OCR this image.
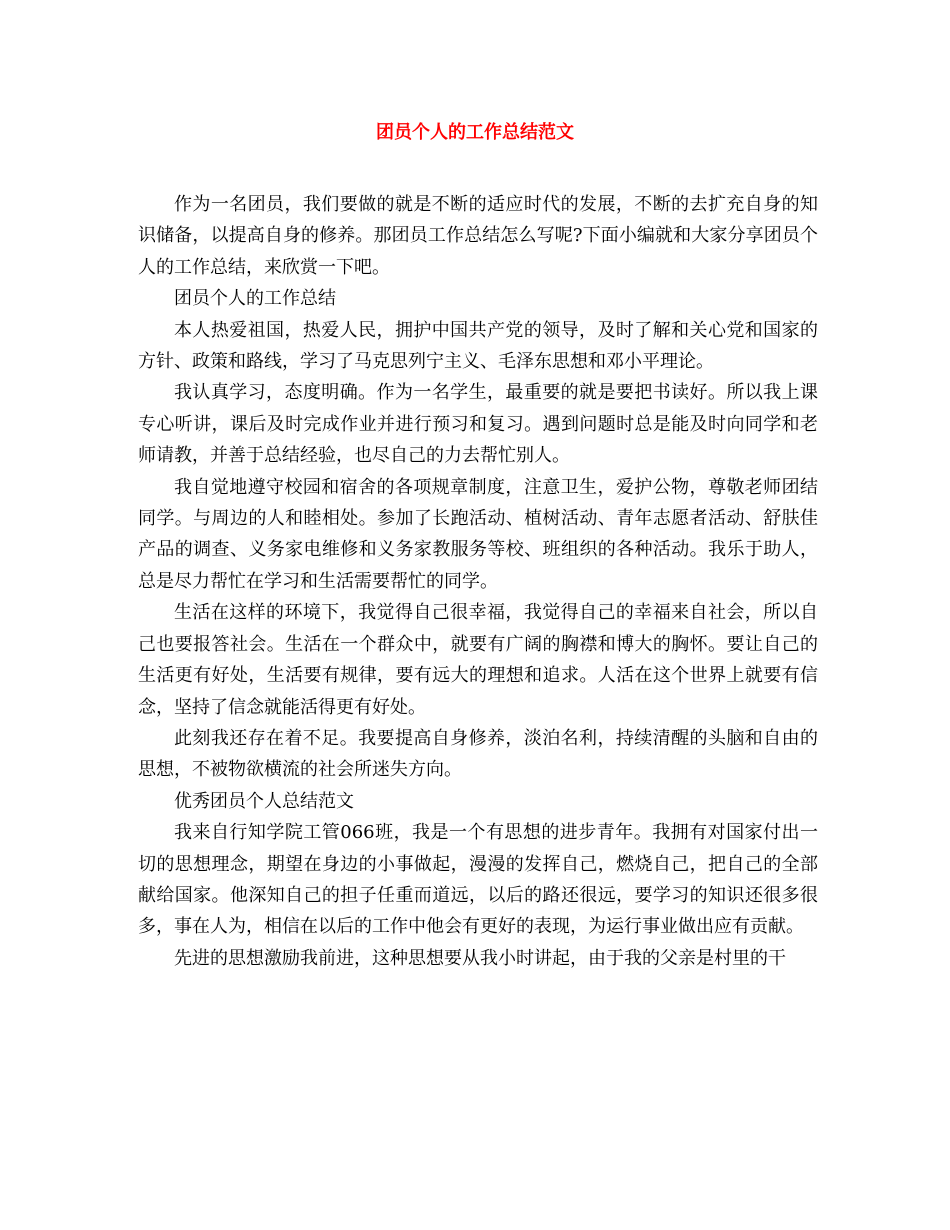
团员个人的工作总结范文

作为一名团员，我们要做的就是不断的适应时代的发展，不断的去扩充自身的知识储备，以提高自身的修养。那团员工作总结怎么写呢?下面小编就和大家分享团员个人的工作总结，来欣赏一下吧。

团员个人的工作总结

本人热爱祖国，热爱人民，拥护中国共产党的领导，及时了解和关心党和国家的方针、政策和路线，学习了马克思列宁主义、毛泽东思想和邓小平理论。

我认真学习，态度明确。作为一名学生，最重要的就是要把书读好。所以我上课专心听讲，课后及时完成作业并进行预习和复习。遇到问题时总是能及时向同学和老师请教，并善于总结经验，也尽自己的力去帮忙别人。

我自觉地遵守校园和宿舍的各项规章制度，注意卫生，爱护公物，尊敬老师团结同学。与周边的人和睦相处。参加了长跑活动、植树活动、青年志愿者活动、舒肤佳产品的调查、义务家电维修和义务家教服务等校、班组织的各种活动。我乐于助人，总是尽力帮忙在学习和生活需要帮忙的同学。

生活在这样的环境下，我觉得自己很幸福，我觉得自己的幸福来自社会，所以自己也要报答社会。生活在一个群众中，就要有广阔的胸襟和博大的胸怀。要让自己的生活更有好处，生活要有规律，要有远大的理想和追求。人活在这个世界上就要有信念，坚持了信念就能活得更有好处。

此刻我还存在着不足。我要提高自身修养，淡泊名利，持续清醒的头脑和自由的思想，不被物欲横流的社会所迷失方向。

优秀团员个人总结范文

我来自行知学院工管066班，我是一个有思想的进步青年。我拥有对国家付出一切的思想理念，期望在身边的小事做起，漫漫的发挥自己，燃烧自己，把自己的全部献给国家。他深知自己的担子任重而道远，以后的路还很远，要学习的知识还很多很多，事在人为，相信在以后的工作中他会有更好的表现，为运行事业做出应有贡献。

先进的思想激励我前进，这种思想要从我小时讲起，由于我的父亲是村里的干
